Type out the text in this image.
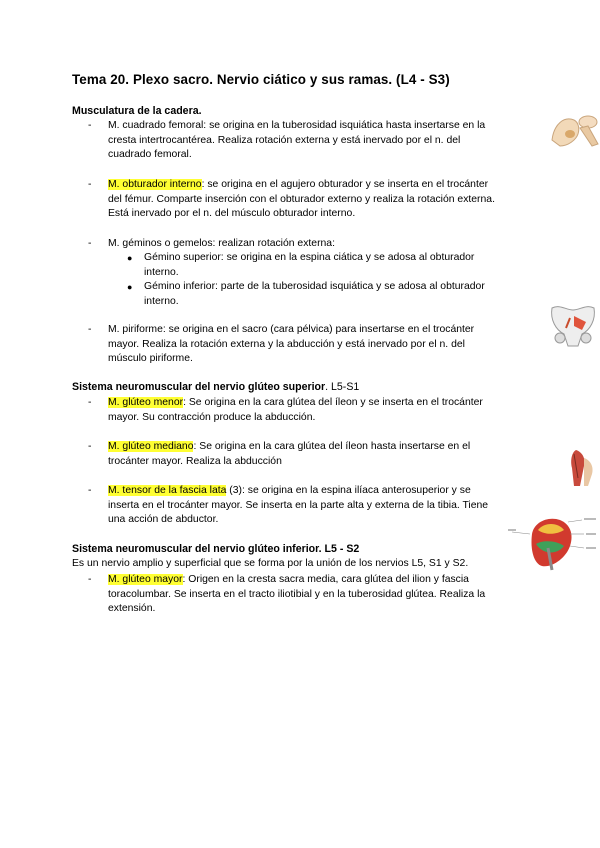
Tema 20. Plexo sacro. Nervio ciático y sus ramas. (L4 - S3)
Musculatura de la cadera.
- M. cuadrado femoral: se origina en la tuberosidad isquiática hasta insertarse en la
cresta intertrocantérea. Realiza rotación externa y está inervado por el n. del
cuadrado femoral.
- M. obturador interno: se origina en el agujero obturador y se inserta en el trocánter
del fémur. Comparte inserción con el obturador externo y realiza la rotación externa.
Está inervado por el n. del músculo obturador interno.
- M. géminos o gemelos: realizan rotación externa:
● Gémino superior: se origina en la espina ciática y se adosa al obturador
interno.
● Gémino inferior: parte de la tuberosidad isquiática y se adosa al obturador
interno.
- M. piriforme: se origina en el sacro (cara pélvica) para insertarse en el trocánter
mayor. Realiza la rotación externa y la abducción y está inervado por el n. del
músculo piriforme.
Sistema neuromuscular del nervio glúteo superior. L5-S1
- M. glúteo menor: Se origina en la cara glútea del íleon y se inserta en el trocánter
mayor. Su contracción produce la abducción.
- M. glúteo mediano: Se origina en la cara glútea del íleon hasta insertarse en el
trocánter mayor. Realiza la abducción
- M. tensor de la fascia lata (3): se origina en la espina ilíaca anterosuperior y se
inserta en el trocánter mayor. Se inserta en la parte alta y externa de la tibia. Tiene
una acción de abductor.
Sistema neuromuscular del nervio glúteo inferior. L5 - S2
Es un nervio amplio y superficial que se forma por la unión de los nervios L5, S1 y S2.
- M. glúteo mayor: Origen en la cresta sacra media, cara glútea del ilion y fascia
toracolumbar. Se inserta en el tracto iliotibial y en la tuberosidad glútea. Realiza la
extensión.
